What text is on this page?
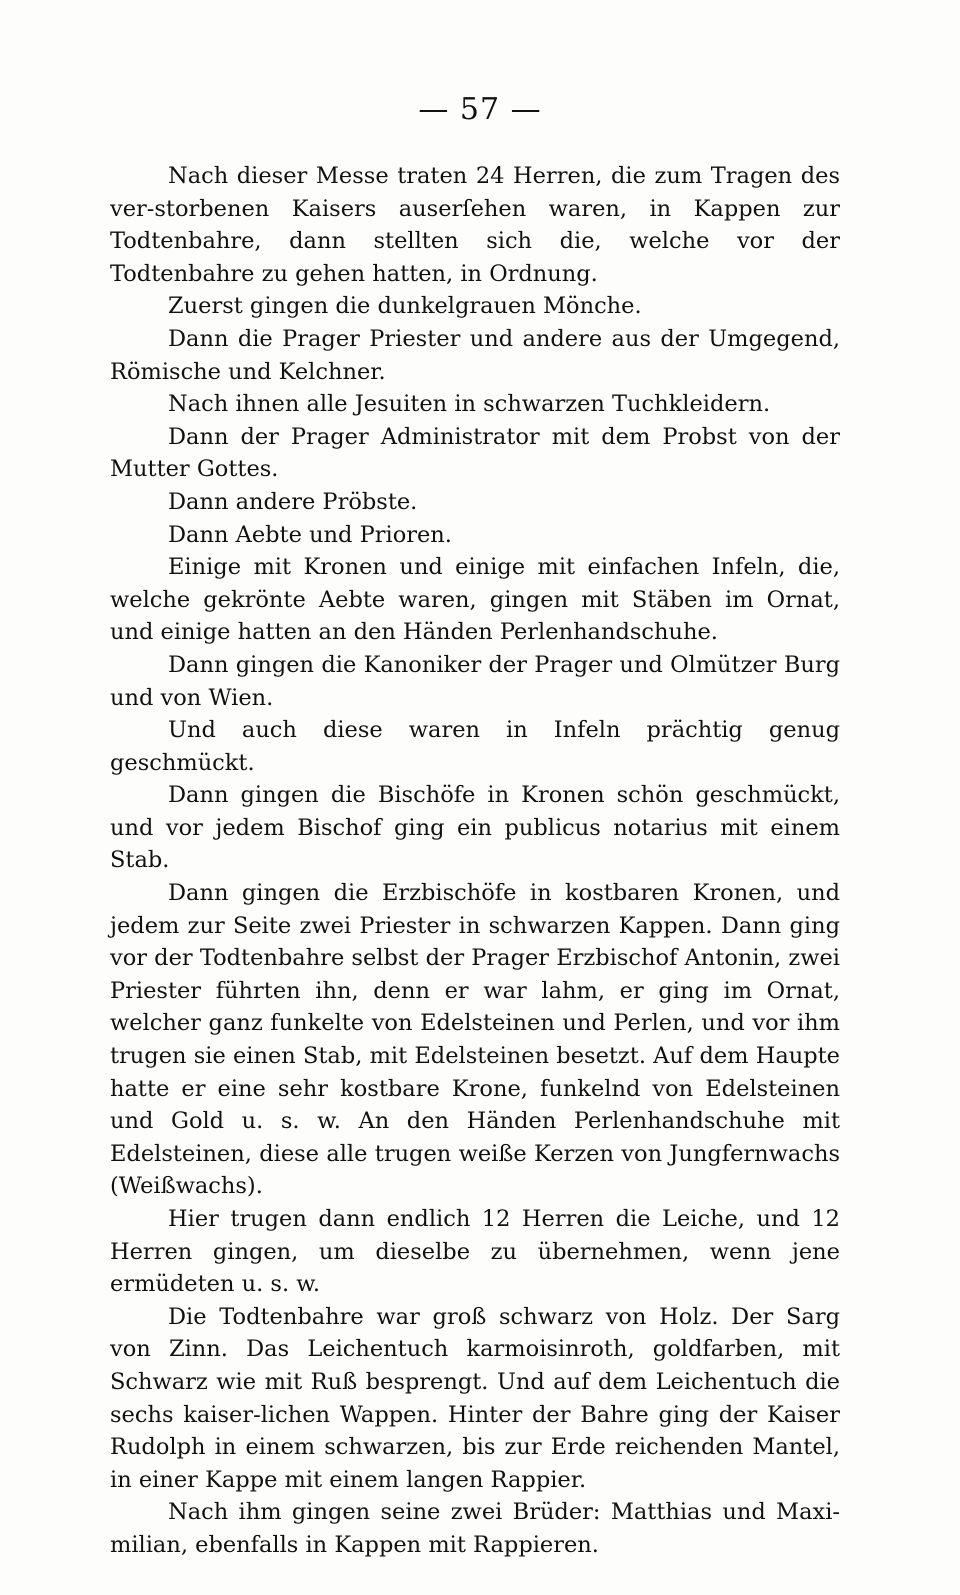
— 57 —

Nach dieser Messe traten 24 Herren, die zum Tragen des ver-storbenen Kaisers auserſehen waren, in Kappen zur Todtenbahre, dann stellten sich die, welche vor der Todtenbahre zu gehen hatten, in Ordnung.

Zuerst gingen die dunkelgrauen Mönche.

Dann die Prager Priester und andere aus der Umgegend, Römische und Kelchner.

Nach ihnen alle Jesuiten in schwarzen Tuchkleidern.

Dann der Prager Administrator mit dem Probst von der Mutter Gottes.

Dann andere Pröbste.

Dann Aebte und Prioren.

Einige mit Kronen und einige mit einfachen Infeln, die, welche gekrönte Aebte waren, gingen mit Stäben im Ornat, und einige hatten an den Händen Perlenhandschuhe.

Dann gingen die Kanoniker der Prager und Olmützer Burg und von Wien.

Und auch diese waren in Infeln prächtig genug geschmückt.

Dann gingen die Bischöfe in Kronen schön geschmückt, und vor jedem Bischof ging ein publicus notarius mit einem Stab.

Dann gingen die Erzbischöfe in kostbaren Kronen, und jedem zur Seite zwei Priester in schwarzen Kappen. Dann ging vor der Todtenbahre selbst der Prager Erzbischof Antonin, zwei Priester führten ihn, denn er war lahm, er ging im Ornat, welcher ganz funkelte von Edelsteinen und Perlen, und vor ihm trugen sie einen Stab, mit Edelsteinen besetzt. Auf dem Haupte hatte er eine sehr kostbare Krone, funkelnd von Edelsteinen und Gold u. s. w. An den Händen Perlenhandschuhe mit Edelsteinen, diese alle trugen weiße Kerzen von Jungfernwachs (Weißwachs).

Hier trugen dann endlich 12 Herren die Leiche, und 12 Herren gingen, um dieselbe zu übernehmen, wenn jene ermüdeten u. s. w.

Die Todtenbahre war groß schwarz von Holz. Der Sarg von Zinn. Das Leichentuch karmoisinroth, goldfarben, mit Schwarz wie mit Ruß besprengt. Und auf dem Leichentuch die sechs kaiser-lichen Wappen. Hinter der Bahre ging der Kaiser Rudolph in einem schwarzen, bis zur Erde reichenden Mantel, in einer Kappe mit einem langen Rappier.

Nach ihm gingen seine zwei Brüder: Matthias und Maxi-milian, ebenfalls in Kappen mit Rappieren.
